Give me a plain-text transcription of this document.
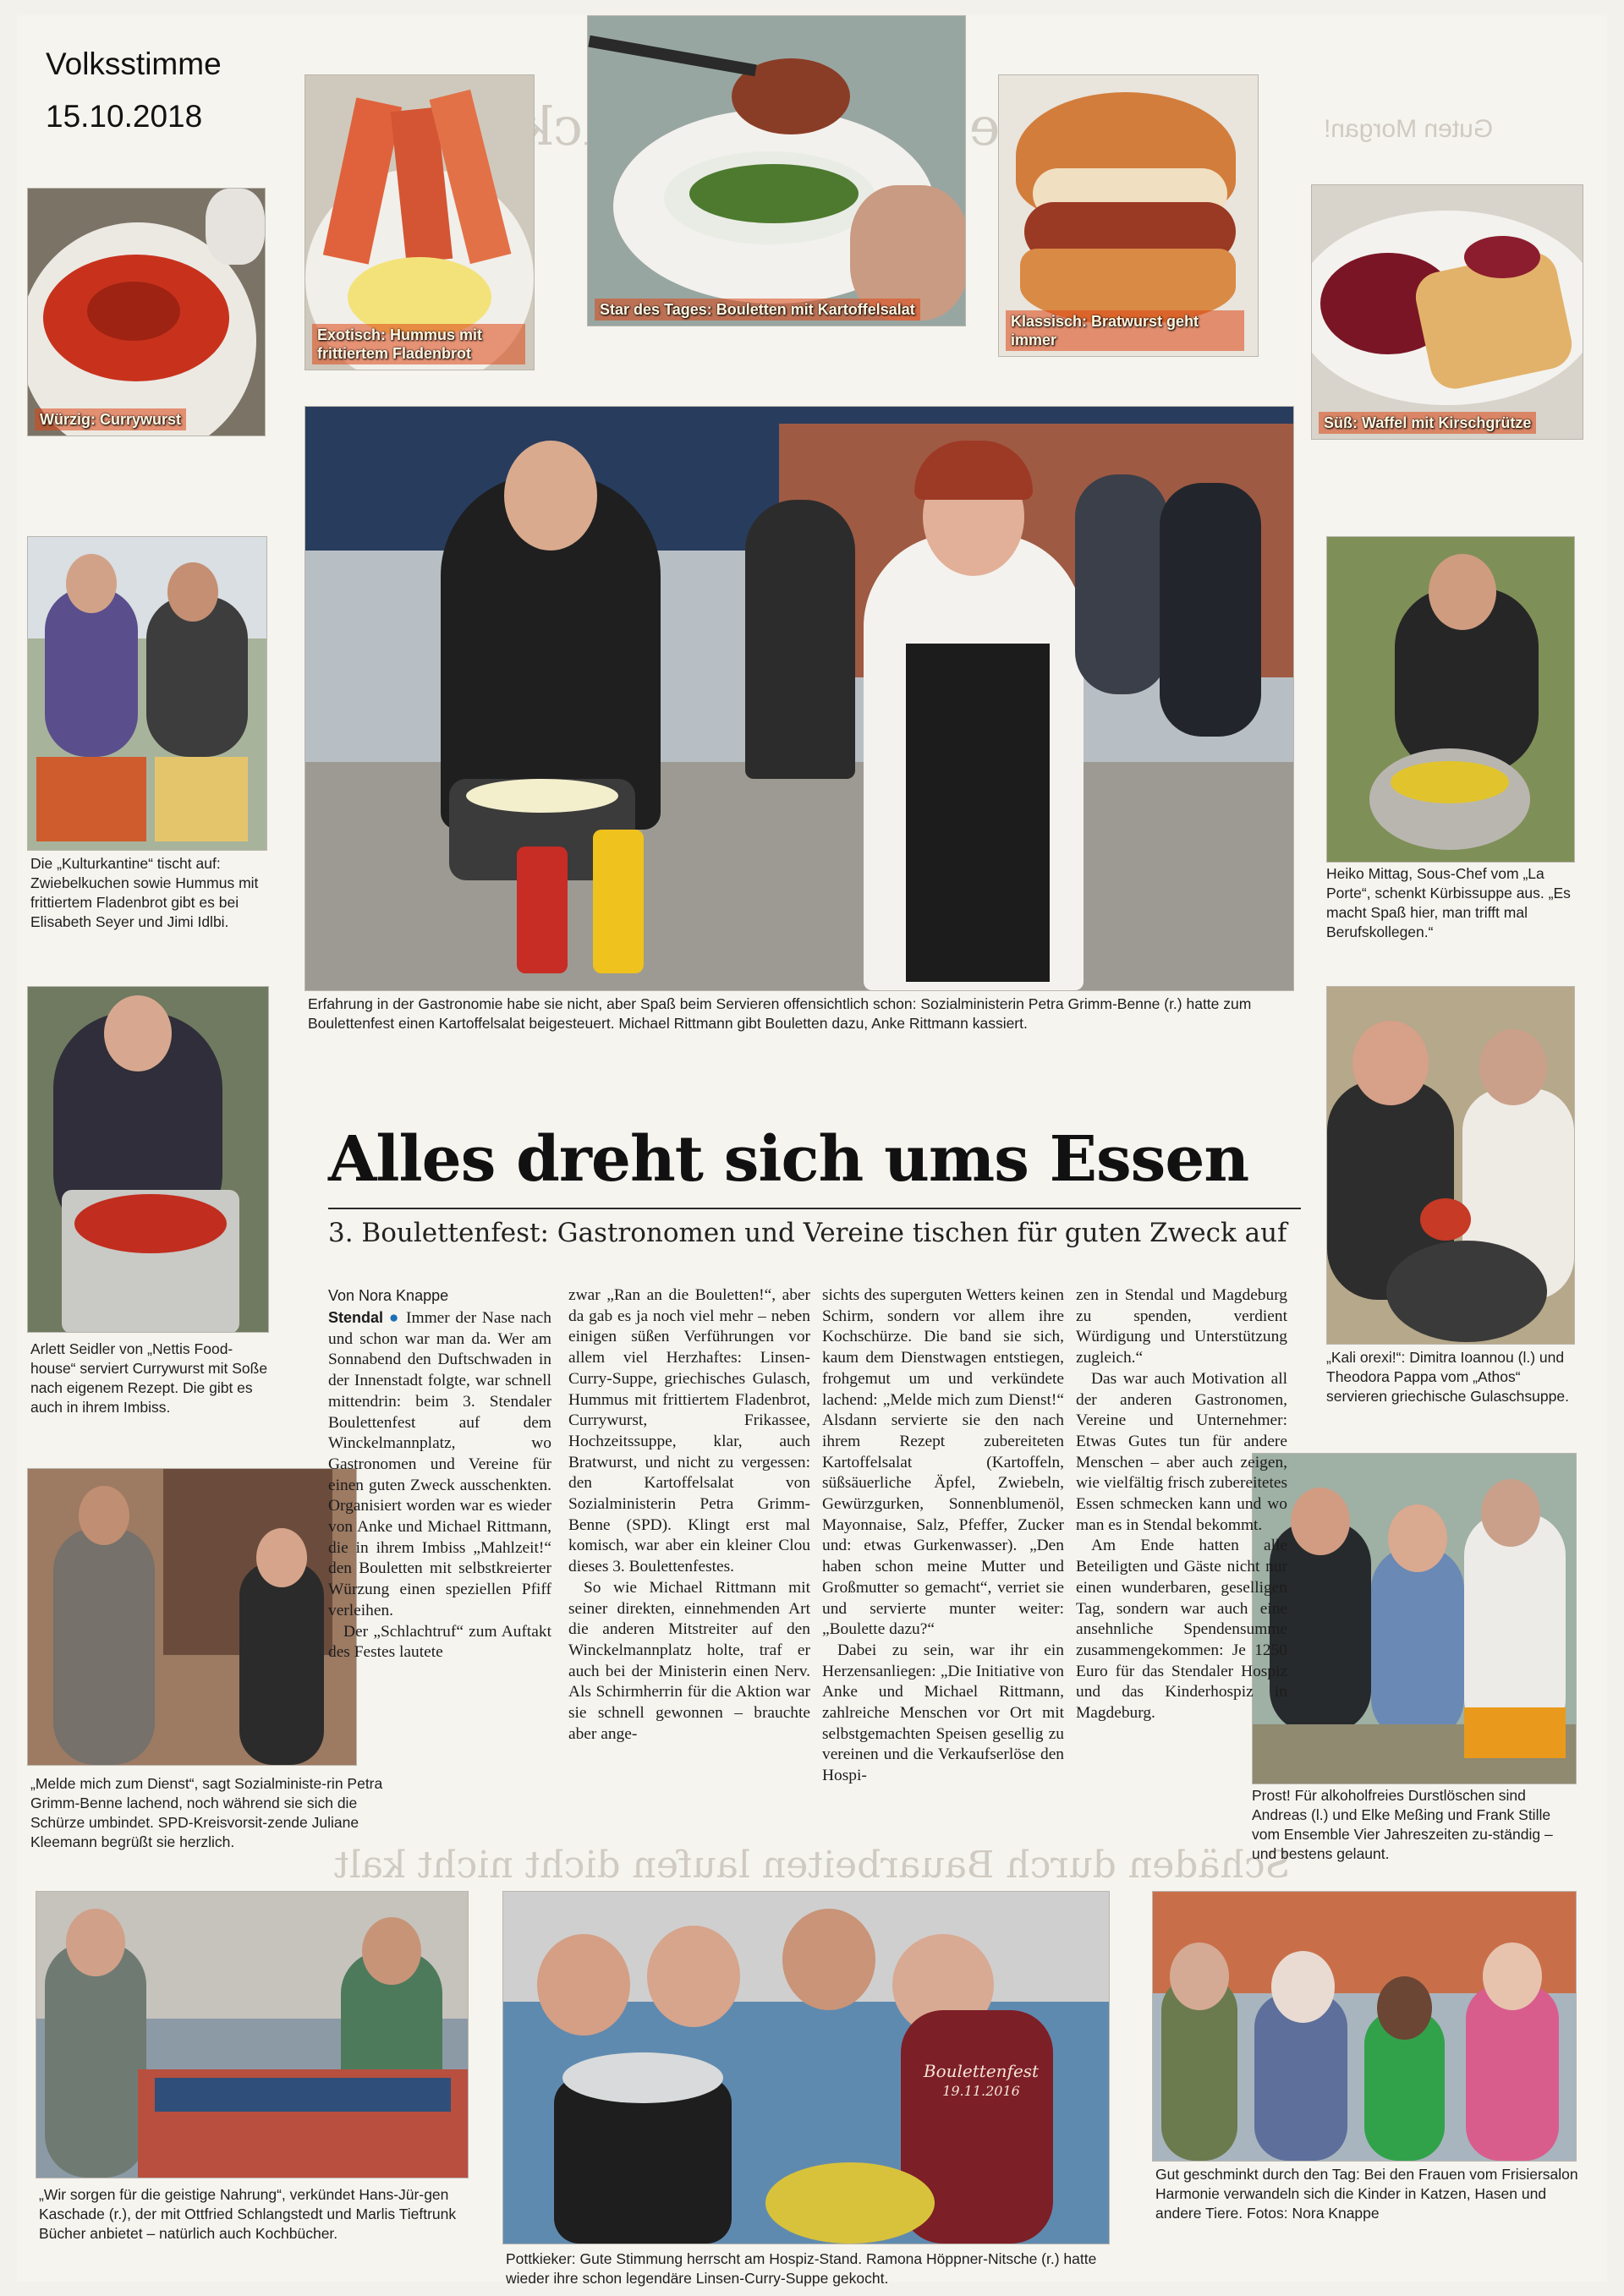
Volksstimme
15.10.2018	Guten Morgan!
Schäden durch Bauarbeiten laufen dicht nicht kalt
Würzig: Currywurst
Exotisch: Hummus mit frittiertem Fladenbrot
Star des Tages: Bouletten mit Kartoffelsalat
Klassisch: Bratwurst geht immer
Süß: Waffel mit Kirschgrütze
Erfahrung in der Gastronomie habe sie nicht, aber Spaß beim Servieren offensichtlich schon: Sozialministerin Petra Grimm-Benne (r.) hatte zum Boulettenfest einen Kartoffelsalat beigesteuert. Michael Rittmann gibt Bouletten dazu, Anke Rittmann kassiert.
Die „Kulturkantine“ tischt auf: Zwiebelkuchen sowie Hummus mit frittiertem Fladenbrot gibt es bei Elisabeth Seyer und Jimi Idlbi.
Arlett Seidler von „Nettis Food-house“ serviert Currywurst mit Soße nach eigenem Rezept. Die gibt es auch in ihrem Imbiss.
„Melde mich zum Dienst“, sagt Sozialministe-rin Petra Grimm-Benne lachend, noch während sie sich die Schürze umbindet. SPD-Kreisvorsit-zende Juliane Kleemann begrüßt sie herzlich.
Heiko Mittag, Sous-Chef vom „La Porte“, schenkt Kürbissuppe aus. „Es macht Spaß hier, man trifft mal Berufskollegen.“
„Kali orexi!“: Dimitra Ioannou (l.) und Theodora Pappa vom „Athos“ servieren griechische Gulaschsuppe.
Prost! Für alkoholfreies Durstlöschen sind Andreas (l.) und Elke Meßing und Frank Stille vom Ensemble Vier Jahreszeiten zu-ständig – und bestens gelaunt.
Alles dreht sich ums Essen
3. Boulettenfest: Gastronomen und Vereine tischen für guten Zweck auf
Von Nora Knappe

Stendal ● Immer der Nase nach und schon war man da. Wer am Sonnabend den Duftschwaden in der Innenstadt folgte, war schnell mittendrin: beim 3. Stendaler Boulettenfest auf dem Winckelmannplatz, wo Gastronomen und Vereine für einen guten Zweck ausschenkten. Organisiert worden war es wieder von Anke und Michael Rittmann, die in ihrem Imbiss „Mahlzeit!“ den Bouletten mit selbstkreierter Würzung einen speziellen Pfiff verleihen.

Der „Schlachtruf“ zum Auftakt des Festes lautete

zwar „Ran an die Bouletten!“, aber da gab es ja noch viel mehr – neben einigen süßen Verführungen vor allem viel Herzhaftes: Linsen-Curry-Suppe, griechisches Gulasch, Hummus mit frittiertem Fladenbrot, Currywurst, Frikassee, Hochzeitssuppe, klar, auch Bratwurst, und nicht zu vergessen: den Kartoffelsalat von Sozialministerin Petra Grimm-Benne (SPD). Klingt erst mal komisch, war aber ein kleiner Clou dieses 3. Boulettenfestes.

So wie Michael Rittmann mit seiner direkten, einnehmenden Art die anderen Mitstreiter auf den Winckelmannplatz holte, traf er auch bei der Ministerin einen Nerv. Als Schirmherrin für die Aktion war sie schnell gewonnen – brauchte aber ange-

sichts des superguten Wetters keinen Schirm, sondern vor allem ihre Kochschürze. Die band sie sich, kaum dem Dienstwagen entstiegen, frohgemut um und verkündete lachend: „Melde mich zum Dienst!“ Alsdann servierte sie den nach ihrem Rezept zubereiteten Kartoffelsalat (Kartoffeln, süßsäuerliche Äpfel, Zwiebeln, Gewürzgurken, Sonnenblumenöl, Mayonnaise, Salz, Pfeffer, Zucker und: etwas Gurkenwasser). „Den haben schon meine Mutter und Großmutter so gemacht“, verriet sie und servierte munter weiter: „Boulette dazu?“

Dabei zu sein, war ihr ein Herzensanliegen: „Die Initiative von Anke und Michael Rittmann, zahlreiche Menschen vor Ort mit selbstgemachten Speisen gesellig zu vereinen und die Verkaufserlöse den Hospi-

zen in Stendal und Magdeburg zu spenden, verdient Würdigung und Unterstützung zugleich.“

Das war auch Motivation all der anderen Gastronomen, Vereine und Unternehmer: Etwas Gutes tun für andere Menschen – aber auch zeigen, wie vielfältig frisch zubereitetes Essen schmecken kann und wo man es in Stendal bekommt.

Am Ende hatten alle Beteiligten und Gäste nicht nur einen wunderbaren, geselligen Tag, sondern war auch eine ansehnliche Spendensumme zusammengekommen: Je 1250 Euro für das Stendaler Hospiz und das Kinderhospiz in Magdeburg.

„Wir sorgen für die geistige Nahrung“, verkündet Hans-Jür-gen Kaschade (r.), der mit Ottfried Schlangstedt und Marlis Tieftrunk Bücher anbietet – natürlich auch Kochbücher.
Boulettenfest
19.11.2016
Pottkieker: Gute Stimmung herrscht am Hospiz-Stand. Ramona Höppner-Nitsche (r.) hatte wieder ihre schon legendäre Linsen-Curry-Suppe gekocht.
Gut geschminkt durch den Tag: Bei den Frauen vom Frisiersalon Harmonie verwandeln sich die Kinder in Katzen, Hasen und andere Tiere. Fotos: Nora Knappe
